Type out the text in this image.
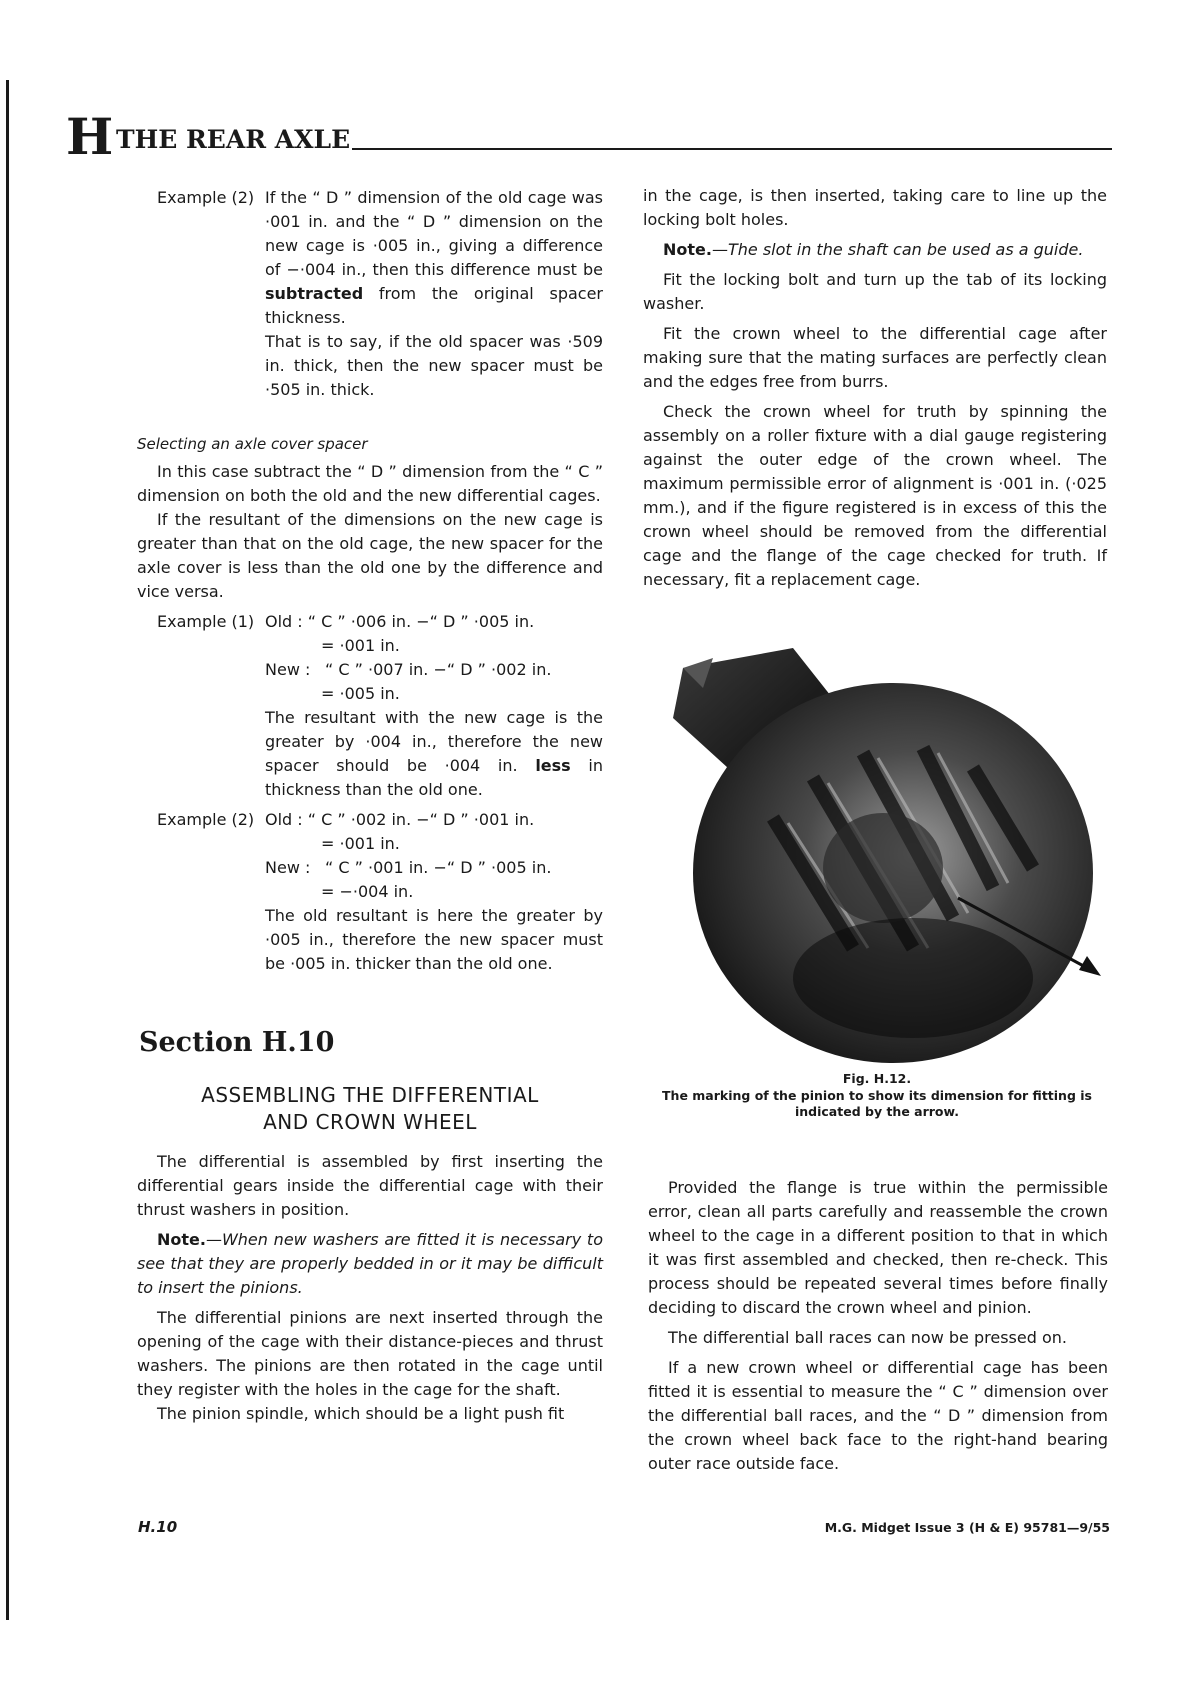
H THE REAR AXLE
Example (2) If the “ D ” dimension of the old cage was ·001 in. and the “ D ” dimension on the new cage is ·005 in., giving a difference of −·004 in., then this difference must be subtracted from the original spacer thickness.

That is to say, if the old spacer was ·509 in. thick, then the new spacer must be ·505 in. thick.

Selecting an axle cover spacer

In this case subtract the “ D ” dimension from the “ C ” dimension on both the old and the new differential cages.

If the resultant of the dimensions on the new cage is greater than that on the old cage, the new spacer for the axle cover is less than the old one by the difference and vice versa.

Example (1) Old : “ C ” ·006 in. −“ D ” ·005 in.
= ·001 in.
New : “ C ” ·007 in. −“ D ” ·002 in.
= ·005 in.

The resultant with the new cage is the greater by ·004 in., therefore the new spacer should be ·004 in. less in thickness than the old one.

Example (2) Old : “ C ” ·002 in. −“ D ” ·001 in.
= ·001 in.
New : “ C ” ·001 in. −“ D ” ·005 in.
= −·004 in.

The old resultant is here the greater by ·005 in., therefore the new spacer must be ·005 in. thicker than the old one.

Section H.10
ASSEMBLING THE DIFFERENTIAL
AND CROWN WHEEL

The differential is assembled by first inserting the differential gears inside the differential cage with their thrust washers in position.

Note.—When new washers are fitted it is necessary to see that they are properly bedded in or it may be difficult to insert the pinions.

The differential pinions are next inserted through the opening of the cage with their distance-pieces and thrust washers. The pinions are then rotated in the cage until they register with the holes in the cage for the shaft.

The pinion spindle, which should be a light push fit

in the cage, is then inserted, taking care to line up the locking bolt holes.

Note.—The slot in the shaft can be used as a guide.

Fit the locking bolt and turn up the tab of its locking washer.

Fit the crown wheel to the differential cage after making sure that the mating surfaces are perfectly clean and the edges free from burrs.

Check the crown wheel for truth by spinning the assembly on a roller fixture with a dial gauge registering against the outer edge of the crown wheel. The maximum permissible error of alignment is ·001 in. (·025 mm.), and if the figure registered is in excess of this the crown wheel should be removed from the differential cage and the flange of the cage checked for truth. If necessary, fit a replacement cage.

Fig. H.12.
The marking of the pinion to show its dimension for fitting is indicated by the arrow.

Provided the flange is true within the permissible error, clean all parts carefully and reassemble the crown wheel to the cage in a different position to that in which it was first assembled and checked, then re-check. This process should be repeated several times before finally deciding to discard the crown wheel and pinion.

The differential ball races can now be pressed on.

If a new crown wheel or differential cage has been fitted it is essential to measure the “ C ” dimension over the differential ball races, and the “ D ” dimension from the crown wheel back face to the right-hand bearing outer race outside face.

H.10	M.G. Midget Issue 3 (H & E) 95781—9/55
